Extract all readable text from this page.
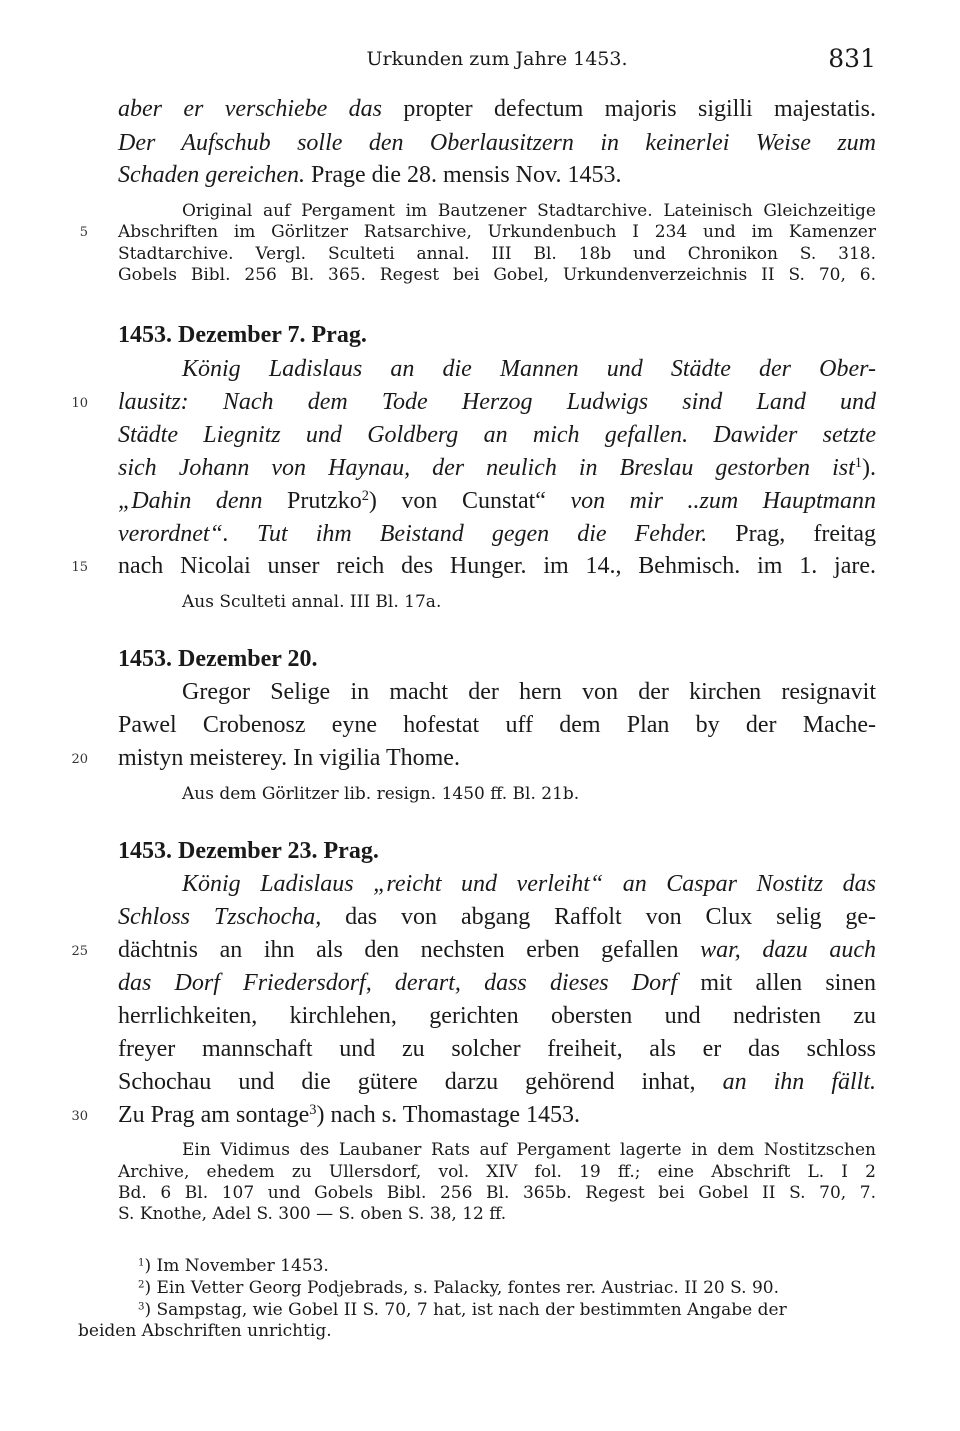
Urkunden zum Jahre 1453.	831
aber er verschiebe das propter defectum majoris sigilli majestatis.
Der Aufschub solle den Oberlausitzern in keinerlei Weise zum
Schaden gereichen. Prage die 28. mensis Nov. 1453.
Original auf Pergament im Bautzener Stadtarchive. Lateinisch Gleichzeitige
Abschriften im Görlitzer Ratsarchive, Urkundenbuch I 234 und im Kamenzer
Stadtarchive. Vergl. Sculteti annal. III Bl. 18b und Chronikon S. 318.
Gobels Bibl. 256 Bl. 365. Regest bei Gobel, Urkundenverzeichnis II S. 70, 6.
1453. Dezember 7. Prag.
König Ladislaus an die Mannen und Städte der Ober-
lausitz: Nach dem Tode Herzog Ludwigs sind Land und
Städte Liegnitz und Goldberg an mich gefallen. Dawider setzte
sich Johann von Haynau, der neulich in Breslau gestorben ist$^1$).
„Dahin denn Prutzko$^2$) von Cunstat“ von mir ..zum Hauptmann
verordnet“. Tut ihm Beistand gegen die Fehder. Prag, freitag
nach Nicolai unser reich des Hunger. im 14., Behmisch. im 1. jare.
Aus Sculteti annal. III Bl. 17a.
1453. Dezember 20.
Gregor Selige in macht der hern von der kirchen resignavit
Pawel Crobenosz eyne hofestat uff dem Plan by der Mache-
mistyn meisterey. In vigilia Thome.
Aus dem Görlitzer lib. resign. 1450 ff. Bl. 21b.
1453. Dezember 23. Prag.
König Ladislaus „reicht und verleiht“ an Caspar Nostitz das
Schloss Tzschocha, das von abgang Raffolt von Clux selig ge-
dächtnis an ihn als den nechsten erben gefallen war, dazu auch
das Dorf Friedersdorf, derart, dass dieses Dorf mit allen sinen
herrlichkeiten, kirchlehen, gerichten obersten und nedristen zu
freyer mannschaft und zu solcher freiheit, als er das schloss
Schochau und die gütere darzu gehörend inhat, an ihn fällt.
Zu Prag am sontage$^3$) nach s. Thomastage 1453.
Ein Vidimus des Laubaner Rats auf Pergament lagerte in dem Nostitzschen
Archive, ehedem zu Ullersdorf, vol. XIV fol. 19 ff.; eine Abschrift L. I 2
Bd. 6 Bl. 107 und Gobels Bibl. 256 Bl. 365b. Regest bei Gobel II S. 70, 7.
S. Knothe, Adel S. 300 — S. oben S. 38, 12 ff.
$^1$) Im November 1453.
$^2$) Ein Vetter Georg Podjebrads, s. Palacky, fontes rer. Austriac. II 20 S. 90.
$^3$) Sampstag, wie Gobel II S. 70, 7 hat, ist nach der bestimmten Angabe der
beiden Abschriften unrichtig.
5
10
15
20
25
30
